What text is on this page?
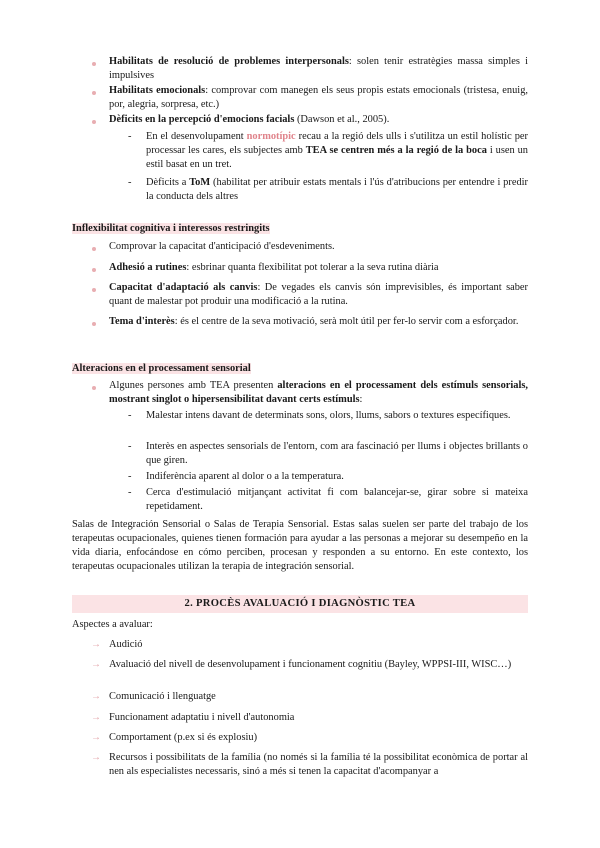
Habilitats de resolució de problemes interpersonals: solen tenir estratègies massa simples i impulsives
Habilitats emocionals: comprovar com manegen els seus propis estats emocionals (tristesa, enuig, por, alegria, sorpresa, etc.)
Dèficits en la percepció d'emocions facials (Dawson et al., 2005).
- En el desenvolupament normotípic recau a la regió dels ulls i s'utilitza un estil holístic per processar les cares, els subjectes amb TEA se centren més a la regió de la boca i usen un estil basat en un tret.
- Dèficits a ToM (habilitat per atribuir estats mentals i l'ús d'atribucions per entendre i predir la conducta dels altres
Inflexibilitat cognitiva i interessos restringits
Comprovar la capacitat d'anticipació d'esdeveniments.
Adhesió a rutines: esbrinar quanta flexibilitat pot tolerar a la seva rutina diària
Capacitat d'adaptació als canvis: De vegades els canvis són imprevisibles, és important saber quant de malestar pot produir una modificació a la rutina.
Tema d'interès: és el centre de la seva motivació, serà molt útil per fer-lo servir com a esforçador.
Alteracions en el processament sensorial
Algunes persones amb TEA presenten alteracions en el processament dels estímuls sensorials, mostrant singlot o hipersensibilitat davant certs estímuls:
- Malestar intens davant de determinats sons, olors, llums, sabors o textures específiques.
- Interès en aspectes sensorials de l'entorn, com ara fascinació per llums i objectes brillants o que giren.
- Indiferència aparent al dolor o a la temperatura.
- Cerca d'estimulació mitjançant activitat fi com balancejar-se, girar sobre si mateixa repetidament.
Salas de Integración Sensorial o Salas de Terapia Sensorial. Estas salas suelen ser parte del trabajo de los terapeutas ocupacionales, quienes tienen formación para ayudar a las personas a mejorar su desempeño en la vida diaria, enfocándose en cómo perciben, procesan y responden a su entorno. En este contexto, los terapeutas ocupacionales utilizan la terapia de integración sensorial.
2. PROCÈS AVALUACIÓ I DIAGNÒSTIC TEA
Aspectes a avaluar:
→ Audició
→ Avaluació del nivell de desenvolupament i funcionament cognitiu (Bayley, WPPSI-III, WISC…)
→ Comunicació i llenguatge
→ Funcionament adaptatiu i nivell d'autonomia
→ Comportament (p.ex si és explosiu)
→ Recursos i possibilitats de la família (no només si la família té la possibilitat econòmica de portar al nen als especialistes necessaris, sinó a més si tenen la capacitat d'acompanyar a
